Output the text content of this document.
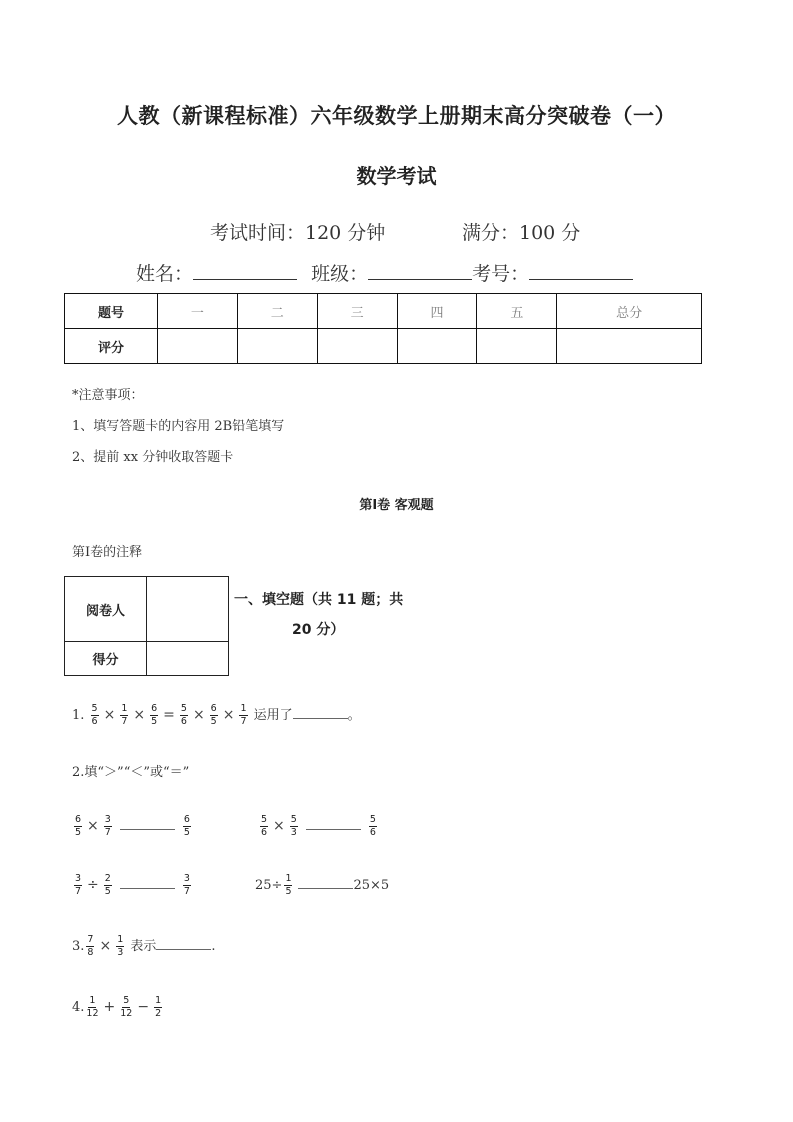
人教（新课程标准）六年级数学上册期末高分突破卷（一）
数学考试
考试时间：120 分钟	满分：100 分
姓名：	班级：	考号：
题号	一	二	三	四	五	总分
评分						
*注意事项：
1、填写答题卡的内容用 2B铅笔填写
2、提前 xx 分钟收取答题卡
第Ⅰ卷 客观题
第Ⅰ卷的注释
阅卷人	
得分	
一、填空题（共 11 题；共
20 分）
1. $\frac{5}{6} \times \frac{1}{7} \times \frac{6}{5} = \frac{5}{6} \times \frac{6}{5} \times \frac{1}{7}$ 运用了	。
2.填“＞”“＜”或“＝”
$\frac{6}{5} \times \frac{3}{7}$	$\frac{6}{5}$	$\frac{5}{6} \times \frac{5}{3}$	$\frac{5}{6}$
$\frac{3}{7} \div \frac{2}{5}$	$\frac{3}{7}$	$25\div \frac{1}{5}$	25×5
3. $\frac{7}{8} \times \frac{1}{3}$ 表示	.
4. $\frac{1}{12} + \frac{5}{12} - \frac{1}{2}$
